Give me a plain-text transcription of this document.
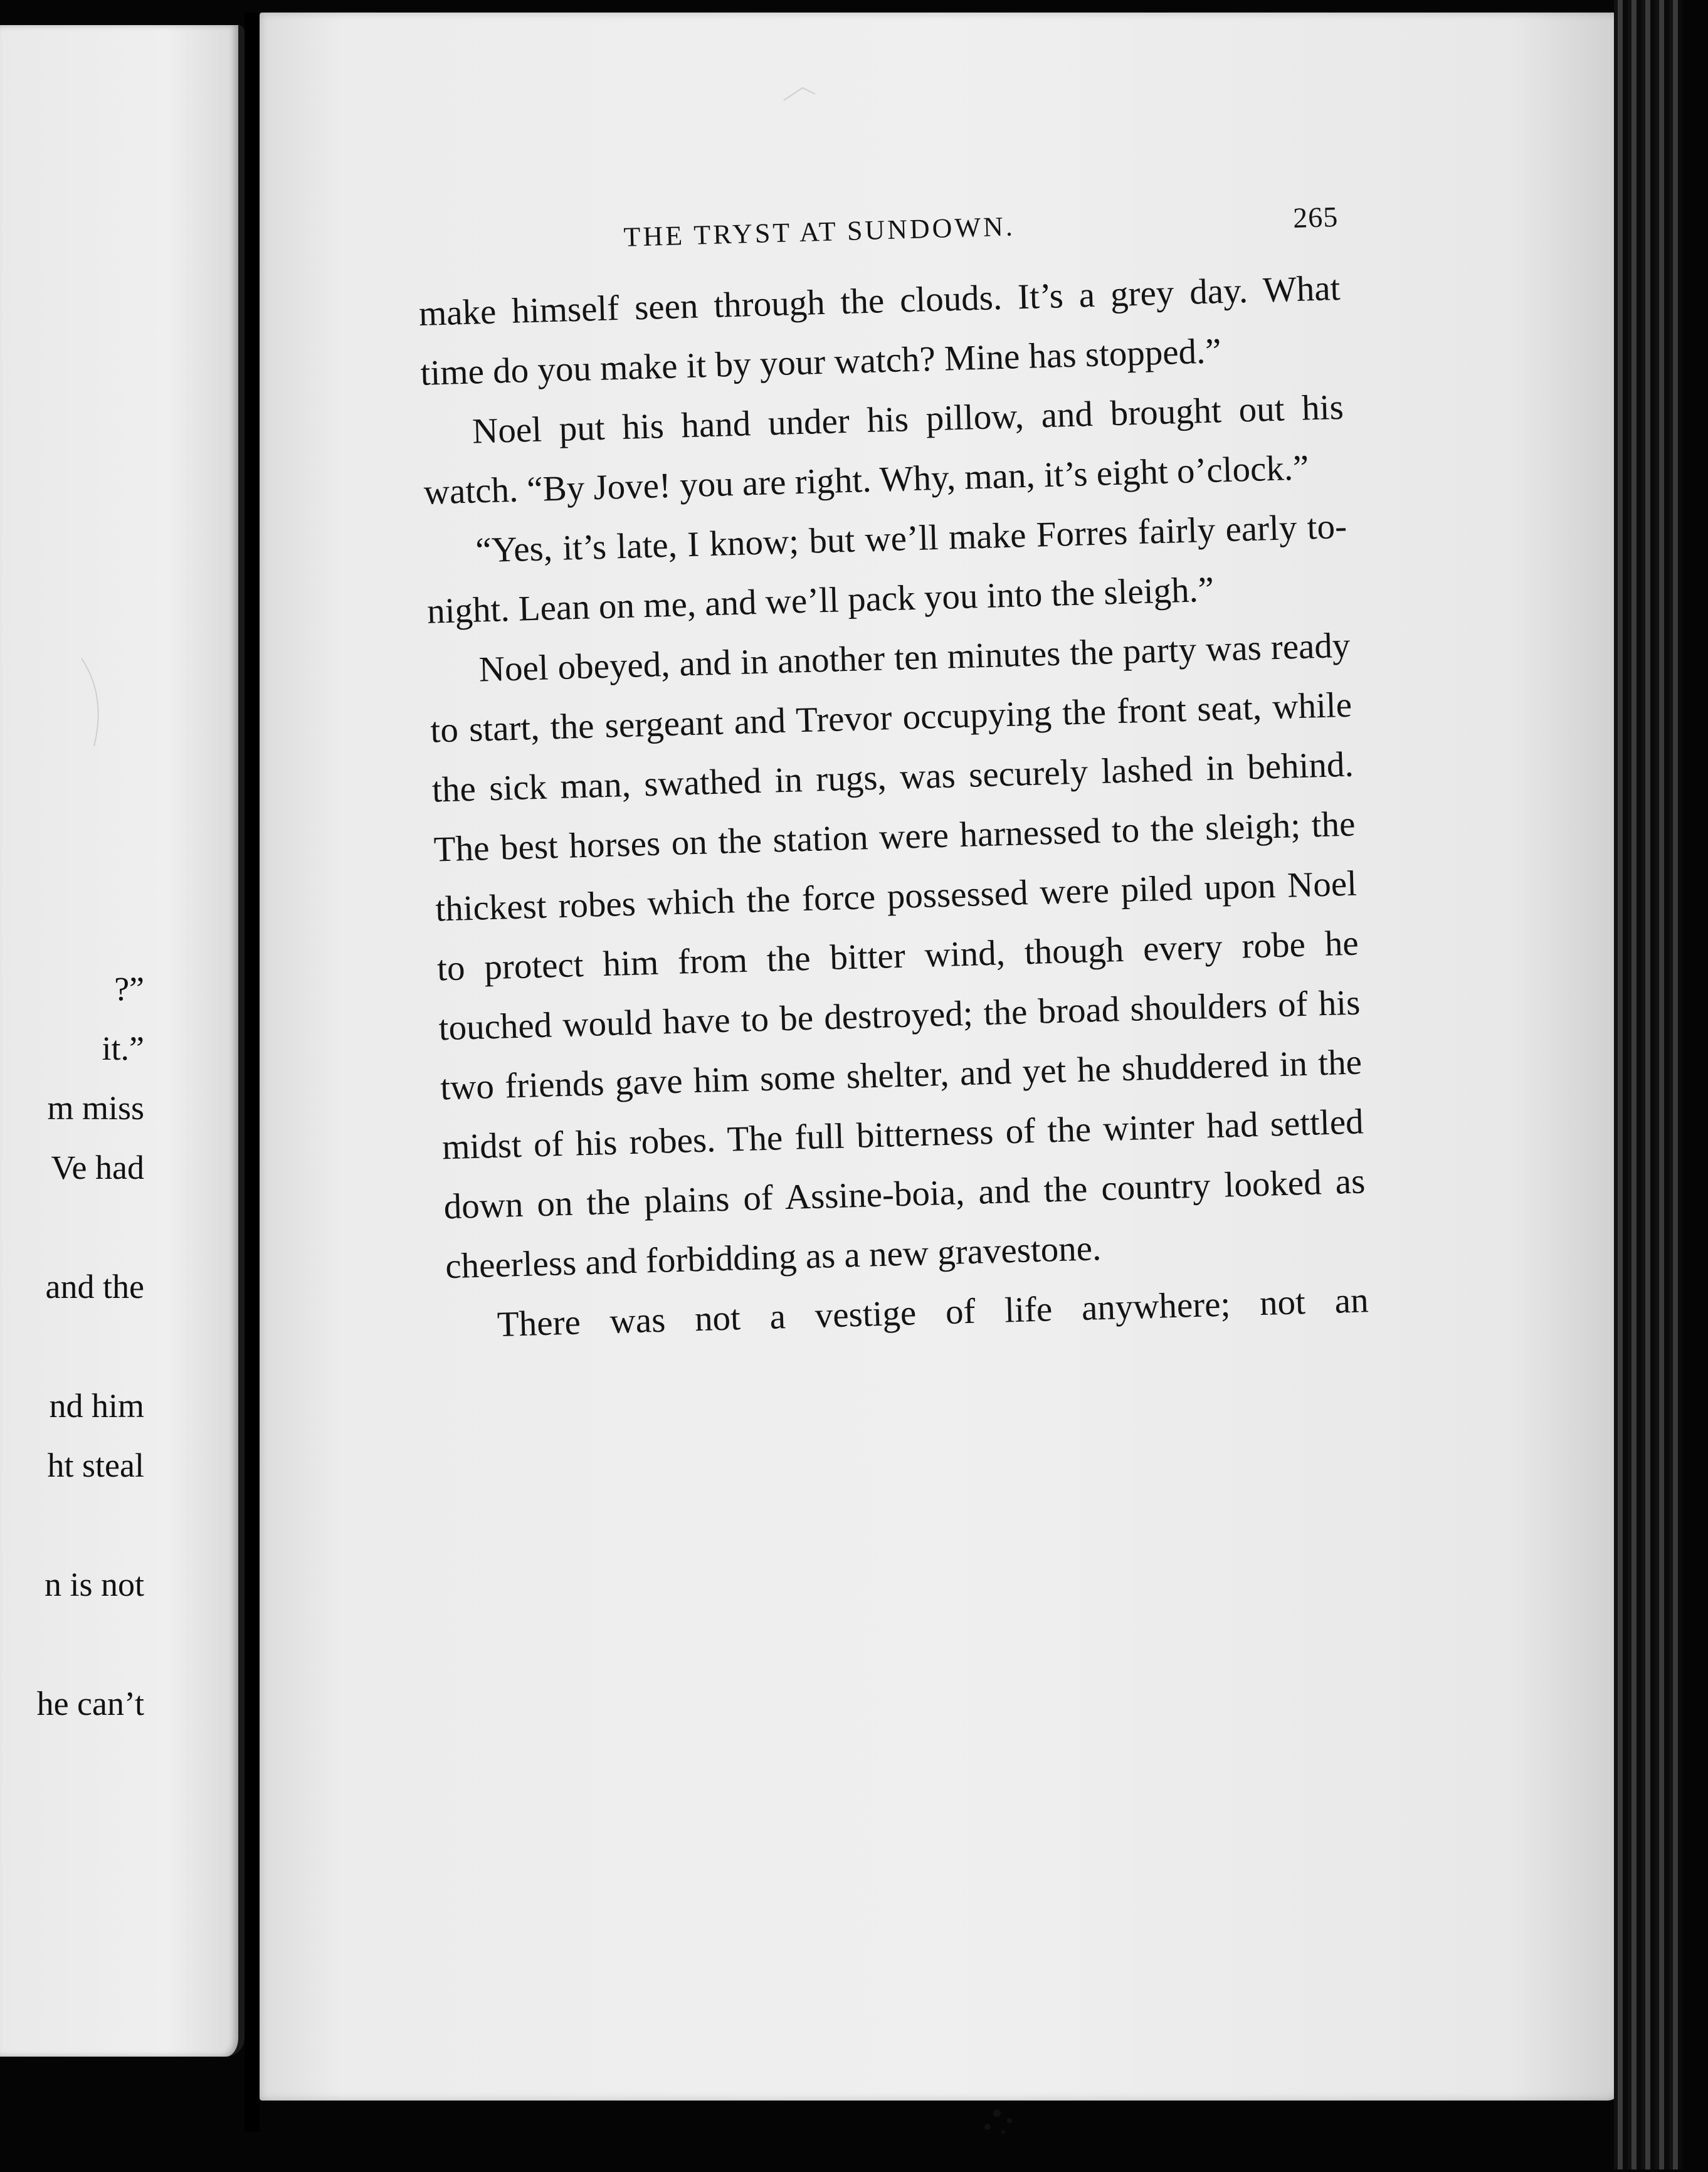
?”
it.”
m miss
Ve had

and the

nd him
ht steal

n is not

he can’t
THE TRYST AT SUNDOWN.	265

make himself seen through the clouds. It’s a grey day. What time do you make it by your watch? Mine has stopped.”

Noel put his hand under his pillow, and brought out his watch. “By Jove! you are right. Why, man, it’s eight o’clock.”

“Yes, it’s late, I know; but we’ll make Forres fairly early to-night. Lean on me, and we’ll pack you into the sleigh.”

Noel obeyed, and in another ten minutes the party was ready to start, the sergeant and Trevor occupying the front seat, while the sick man, swathed in rugs, was securely lashed in behind. The best horses on the station were harnessed to the sleigh; the thickest robes which the force possessed were piled upon Noel to protect him from the bitter wind, though every robe he touched would have to be destroyed; the broad shoulders of his two friends gave him some shelter, and yet he shuddered in the midst of his robes. The full bitterness of the winter had settled down on the plains of Assine-boia, and the country looked as cheerless and forbidding as a new gravestone.

There was not a vestige of life anywhere; not an
